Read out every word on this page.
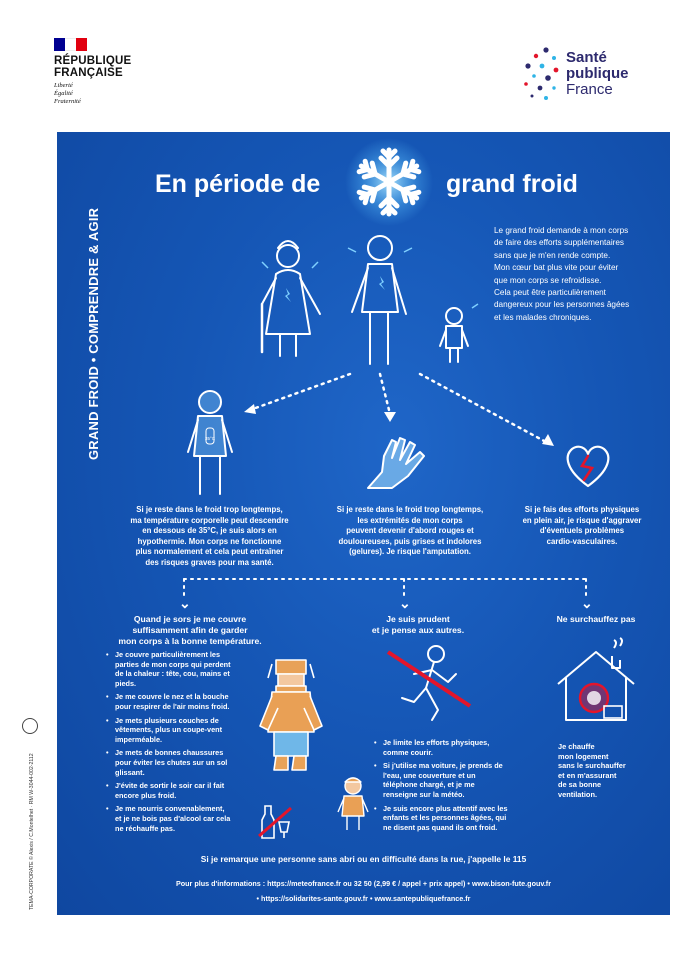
RÉPUBLIQUE
FRANÇAISE
Liberté
Égalité
Fraternité
Santé
publique
France
TEMA-CORPORATE © Alexis / C.Montelhet · RM W-3044-002-2112
GRAND FROID • COMPRENDRE & AGIR
En période de	grand froid
Le grand froid demande à mon corps
de faire des efforts supplémentaires
sans que je m'en rende compte.
Mon cœur bat plus vite pour éviter
que mon corps se refroidisse.
Cela peut être particulièrement
dangereux pour les personnes âgées
et les malades chroniques.
35°C
Si je reste dans le froid trop longtemps,
ma température corporelle peut descendre
en dessous de 35°C, je suis alors en
hypothermie. Mon corps ne fonctionne
plus normalement et cela peut entraîner
des risques graves pour ma santé.
Si je reste dans le froid trop longtemps,
les extrémités de mon corps
peuvent devenir d'abord rouges et
douloureuses, puis grises et indolores
(gelures). Je risque l'amputation.
Si je fais des efforts physiques
en plein air, je risque d'aggraver
d'éventuels problèmes
cardio-vasculaires.
⌄	⌄	⌄
Quand je sors je me couvre
suffisamment afin de garder
mon corps à la bonne température.
• Je couvre particulièrement les parties de mon corps qui perdent de la chaleur : tête, cou, mains et pieds.
• Je me couvre le nez et la bouche pour respirer de l'air moins froid.
• Je mets plusieurs couches de vêtements, plus un coupe-vent imperméable.
• Je mets de bonnes chaussures pour éviter les chutes sur un sol glissant.
• J'évite de sortir le soir car il fait encore plus froid.
• Je me nourris convenablement, et je ne bois pas d'alcool car cela ne réchauffe pas.
Je suis prudent
et je pense aux autres.
• Je limite les efforts physiques, comme courir.
• Si j'utilise ma voiture, je prends de l'eau, une couverture et un téléphone chargé, et je me renseigne sur la météo.
• Je suis encore plus attentif avec les enfants et les personnes âgées, qui ne disent pas quand ils ont froid.
Ne surchauffez pas
Je chauffe
mon logement
sans le surchauffer
et en m'assurant
de sa bonne
ventilation.
Si je remarque une personne sans abri ou en difficulté dans la rue, j'appelle le 115
Pour plus d'informations : https://meteofrance.fr ou 32 50 (2,99 € / appel + prix appel) • www.bison-fute.gouv.fr
• https://solidarites-sante.gouv.fr • www.santepubliquefrance.fr
